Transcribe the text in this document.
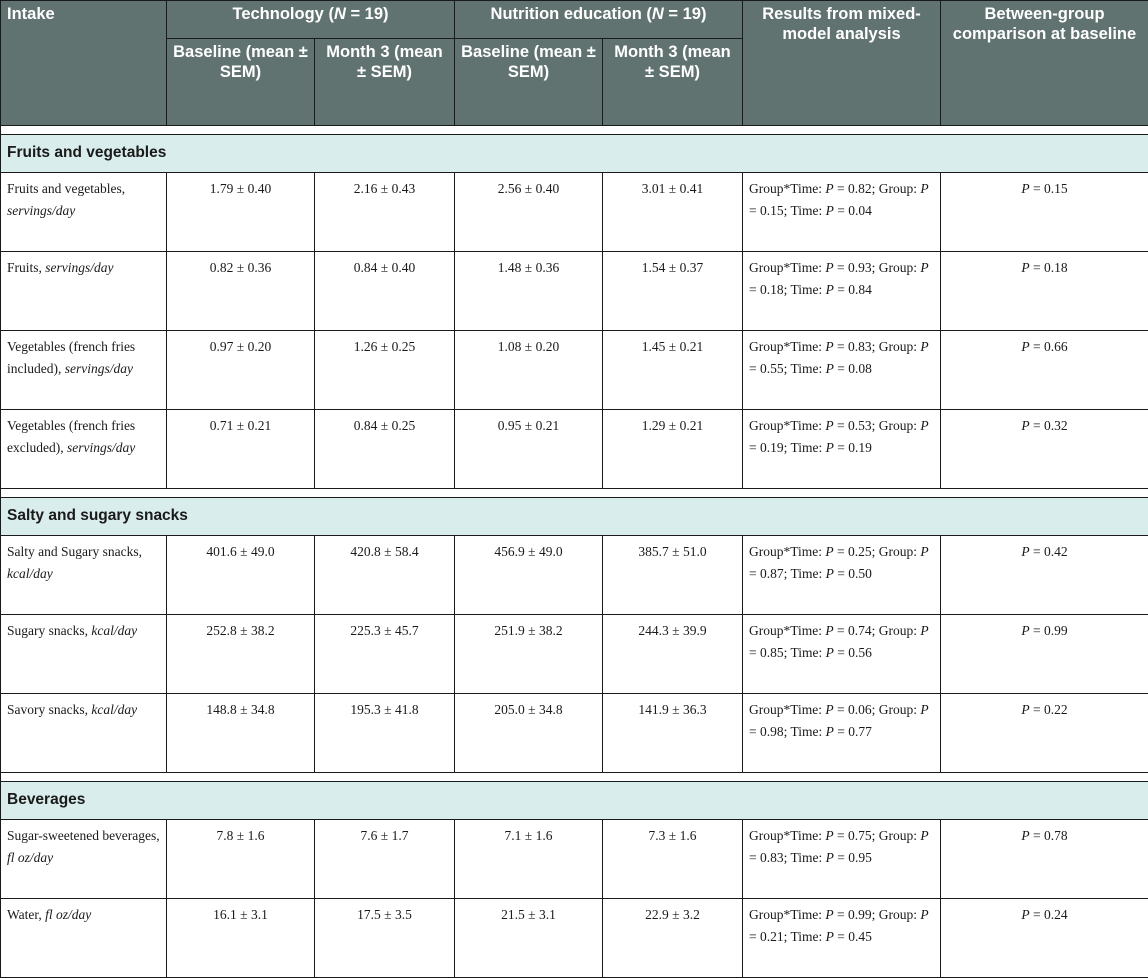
Intake	Technology (N = 19)		Nutrition education (N = 19)		Results from mixed-model analysis	Between-group comparison at baseline
	Baseline (mean ± SEM)	Month 3 (mean ± SEM)	Baseline (mean ± SEM)	Month 3 (mean ± SEM)		

Fruits and vegetables						
Fruits and vegetables, servings/day	1.79 ± 0.40	2.16 ± 0.43	2.56 ± 0.40	3.01 ± 0.41	Group*Time: P = 0.82; Group: P = 0.15; Time: P = 0.04	P = 0.15
Fruits, servings/day	0.82 ± 0.36	0.84 ± 0.40	1.48 ± 0.36	1.54 ± 0.37	Group*Time: P = 0.93; Group: P = 0.18; Time: P = 0.84	P = 0.18
Vegetables (french fries included), servings/day	0.97 ± 0.20	1.26 ± 0.25	1.08 ± 0.20	1.45 ± 0.21	Group*Time: P = 0.83; Group: P = 0.55; Time: P = 0.08	P = 0.66
Vegetables (french fries excluded), servings/day	0.71 ± 0.21	0.84 ± 0.25	0.95 ± 0.21	1.29 ± 0.21	Group*Time: P = 0.53; Group: P = 0.19; Time: P = 0.19	P = 0.32

Salty and sugary snacks						
Salty and Sugary snacks, kcal/day	401.6 ± 49.0	420.8 ± 58.4	456.9 ± 49.0	385.7 ± 51.0	Group*Time: P = 0.25; Group: P = 0.87; Time: P = 0.50	P = 0.42
Sugary snacks, kcal/day	252.8 ± 38.2	225.3 ± 45.7	251.9 ± 38.2	244.3 ± 39.9	Group*Time: P = 0.74; Group: P = 0.85; Time: P = 0.56	P = 0.99
Savory snacks, kcal/day	148.8 ± 34.8	195.3 ± 41.8	205.0 ± 34.8	141.9 ± 36.3	Group*Time: P = 0.06; Group: P = 0.98; Time: P = 0.77	P = 0.22

Beverages						
Sugar-sweetened beverages, fl oz/day	7.8 ± 1.6	7.6 ± 1.7	7.1 ± 1.6	7.3 ± 1.6	Group*Time: P = 0.75; Group: P = 0.83; Time: P = 0.95	P = 0.78
Water, fl oz/day	16.1 ± 3.1	17.5 ± 3.5	21.5 ± 3.1	22.9 ± 3.2	Group*Time: P = 0.99; Group: P = 0.21; Time: P = 0.45	P = 0.24
